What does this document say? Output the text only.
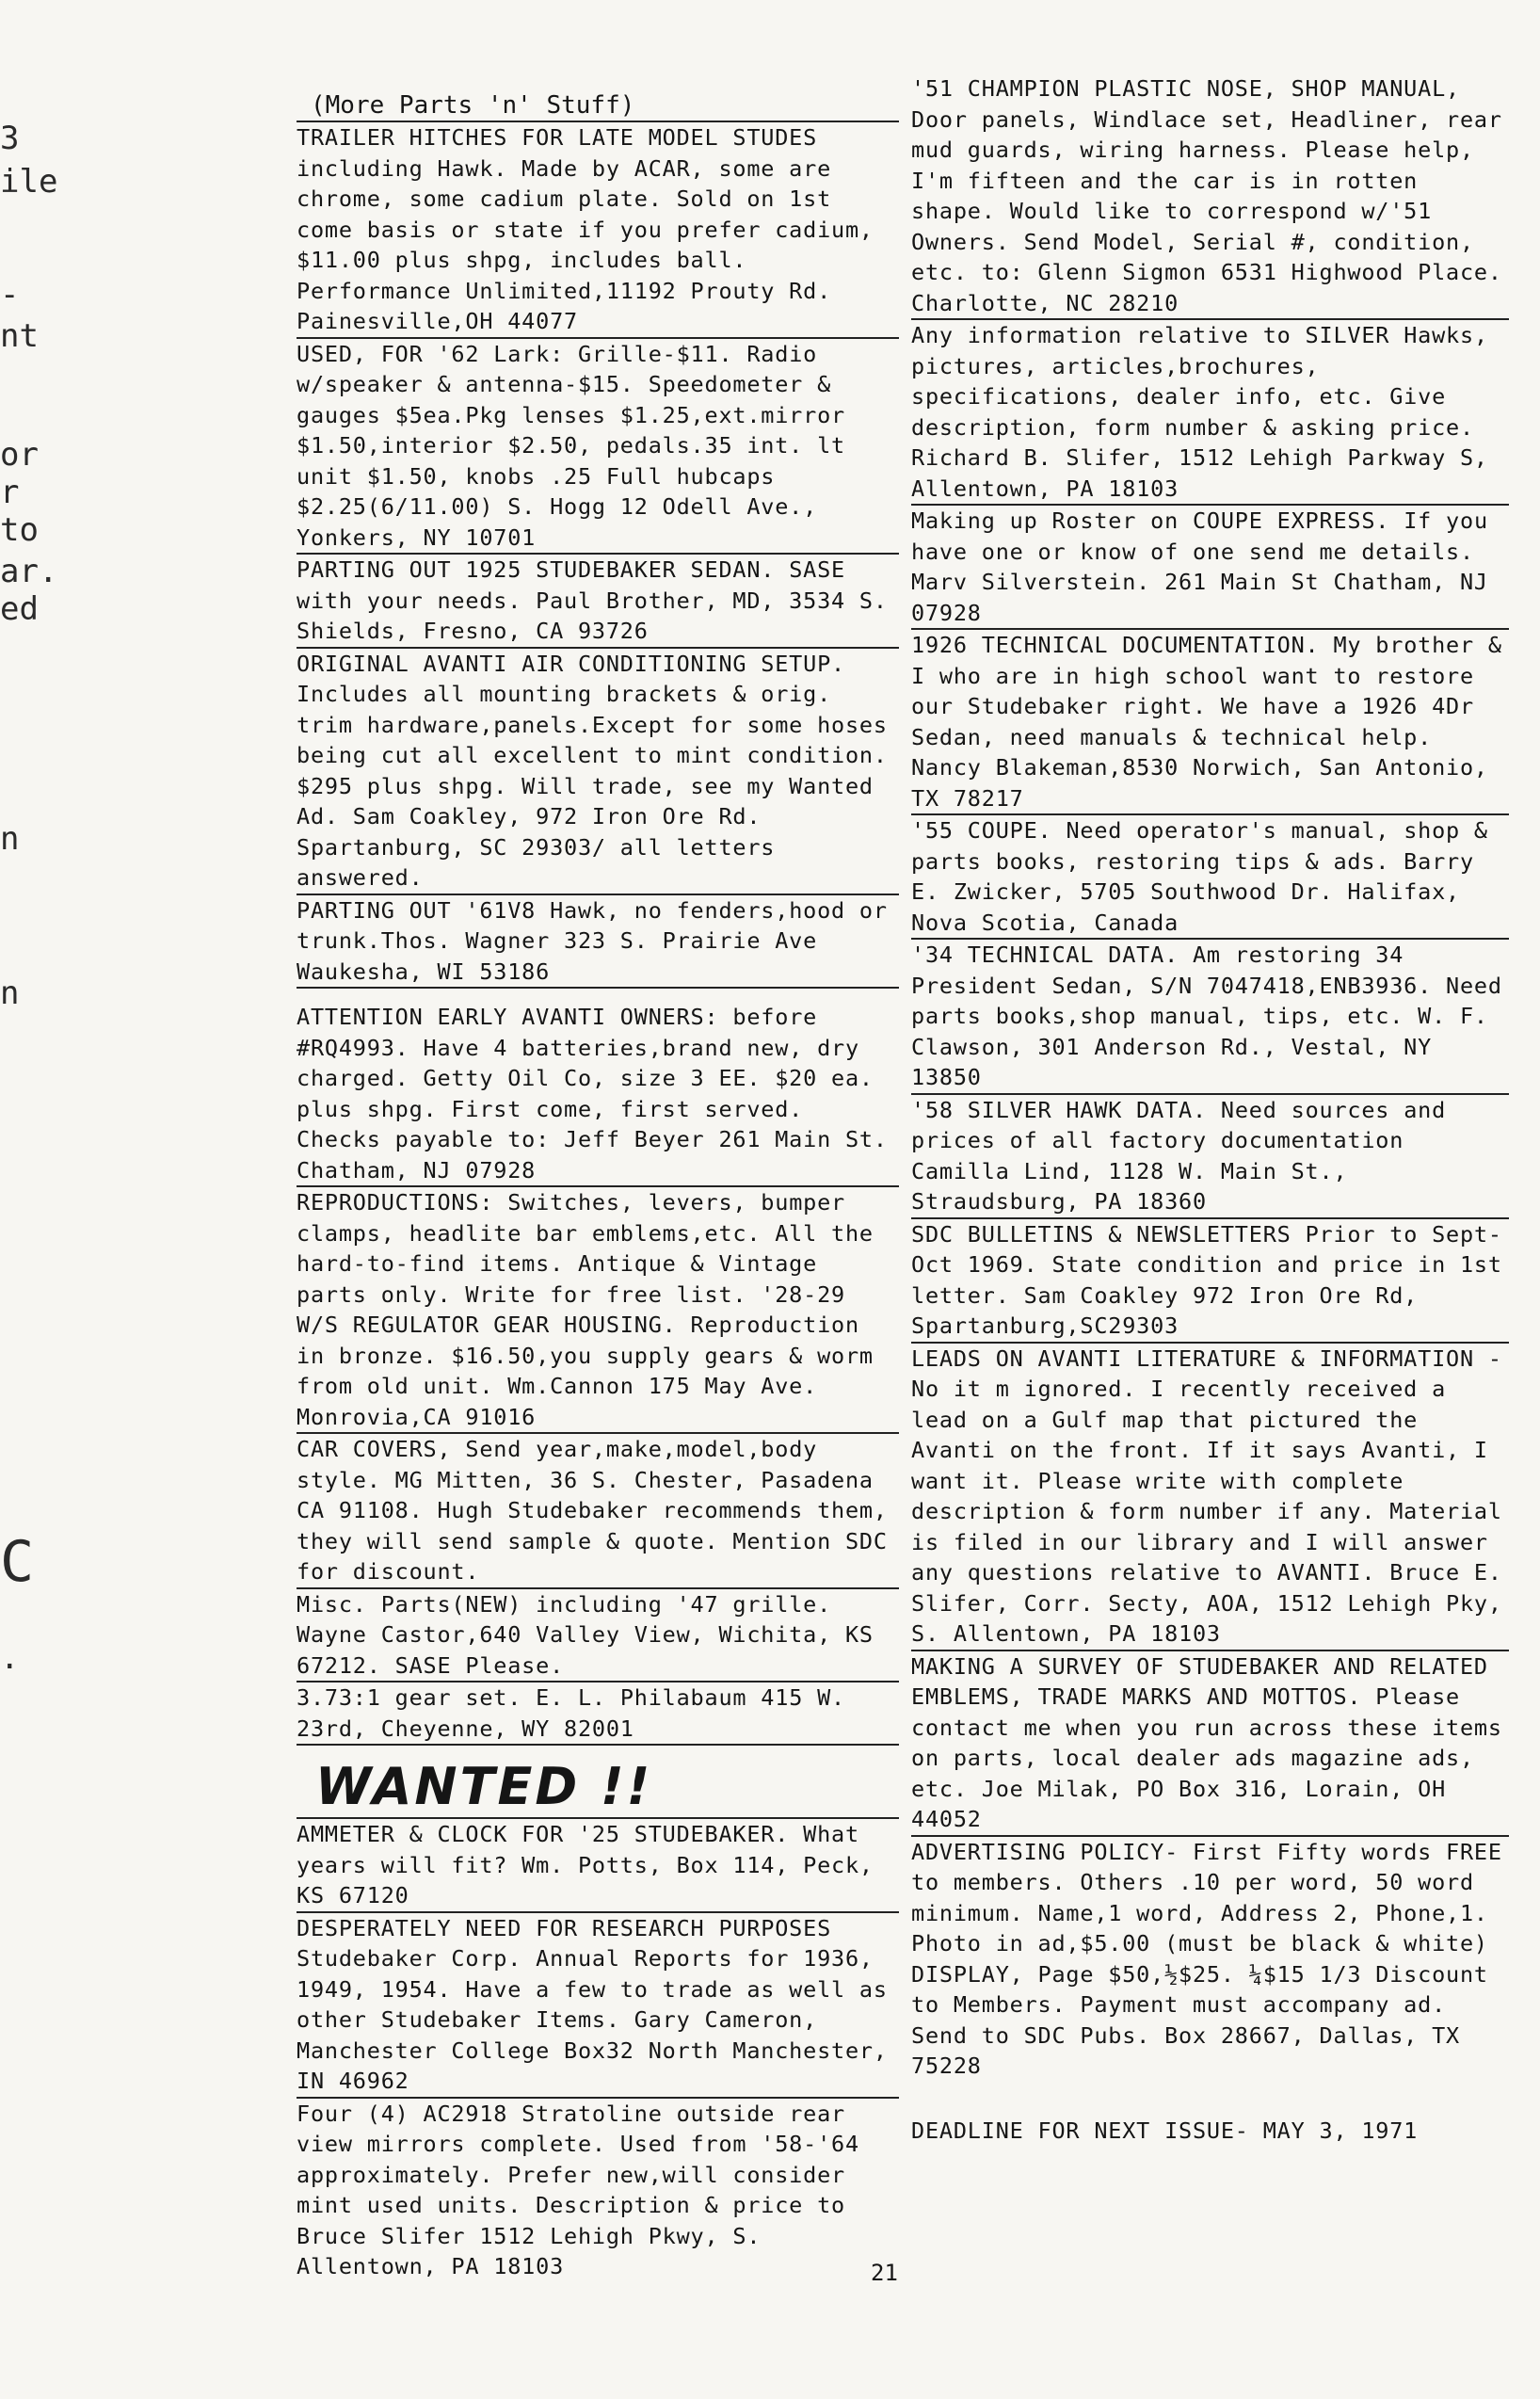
3
ile
-
nt
or
r
to
ar.
ed
n
n
C
.
(More Parts 'n' Stuff)
TRAILER HITCHES FOR LATE MODEL STUDES including Hawk. Made by ACAR, some are chrome, some cadium plate. Sold on 1st come basis or state if you prefer cadium, $11.00 plus shpg, includes ball. Performance Unlimited,11192 Prouty Rd. Painesville,OH 44077
USED, FOR '62 Lark: Grille-$11. Radio w/speaker & antenna-$15. Speedometer & gauges $5ea.Pkg lenses $1.25,ext.mirror $1.50,interior $2.50, pedals.35 int. lt unit $1.50, knobs .25 Full hubcaps $2.25(6/11.00) S. Hogg 12 Odell Ave., Yonkers, NY 10701
PARTING OUT 1925 STUDEBAKER SEDAN. SASE with your needs. Paul Brother, MD, 3534 S. Shields, Fresno, CA 93726
ORIGINAL AVANTI AIR CONDITIONING SETUP. Includes all mounting brackets & orig. trim hardware,panels.Except for some hoses being cut all excellent to mint condition. $295 plus shpg. Will trade, see my Wanted Ad. Sam Coakley, 972 Iron Ore Rd. Spartanburg, SC 29303/ all letters answered.
PARTING OUT '61V8 Hawk, no fenders,hood or trunk.Thos. Wagner 323 S. Prairie Ave Waukesha, WI 53186
ATTENTION EARLY AVANTI OWNERS: before #RQ4993. Have 4 batteries,brand new, dry charged. Getty Oil Co, size 3 EE. $20 ea. plus shpg. First come, first served. Checks payable to: Jeff Beyer 261 Main St. Chatham, NJ 07928
REPRODUCTIONS: Switches, levers, bumper clamps, headlite bar emblems,etc. All the hard-to-find items. Antique & Vintage parts only. Write for free list. '28-29 W/S REGULATOR GEAR HOUSING. Reproduction in bronze. $16.50,you supply gears & worm from old unit. Wm.Cannon 175 May Ave. Monrovia,CA 91016
CAR COVERS, Send year,make,model,body style. MG Mitten, 36 S. Chester, Pasadena CA 91108. Hugh Studebaker recommends them, they will send sample & quote. Mention SDC for discount.
Misc. Parts(NEW) including '47 grille. Wayne Castor,640 Valley View, Wichita, KS 67212. SASE Please.
3.73:1 gear set. E. L. Philabaum 415 W. 23rd, Cheyenne, WY 82001
WANTED !!
AMMETER & CLOCK FOR '25 STUDEBAKER. What years will fit? Wm. Potts, Box 114, Peck, KS 67120
DESPERATELY NEED FOR RESEARCH PURPOSES Studebaker Corp. Annual Reports for 1936, 1949, 1954. Have a few to trade as well as other Studebaker Items. Gary Cameron, Manchester College Box32 North Manchester, IN 46962
Four (4) AC2918 Stratoline outside rear view mirrors complete. Used from '58-'64 approximately. Prefer new,will consider mint used units. Description & price to Bruce Slifer 1512 Lehigh Pkwy, S. Allentown, PA 18103
'51 CHAMPION PLASTIC NOSE, SHOP MANUAL, Door panels, Windlace set, Headliner, rear mud guards, wiring harness. Please help, I'm fifteen and the car is in rotten shape. Would like to correspond w/'51 Owners. Send Model, Serial #, condition, etc. to: Glenn Sigmon 6531 Highwood Place. Charlotte, NC 28210
Any information relative to SILVER Hawks, pictures, articles,brochures, specifications, dealer info, etc. Give description, form number & asking price. Richard B. Slifer, 1512 Lehigh Parkway S, Allentown, PA 18103
Making up Roster on COUPE EXPRESS. If you have one or know of one send me details. Marv Silverstein. 261 Main St Chatham, NJ 07928
1926 TECHNICAL DOCUMENTATION. My brother & I who are in high school want to restore our Studebaker right. We have a 1926 4Dr Sedan, need manuals & technical help. Nancy Blakeman,8530 Norwich, San Antonio, TX 78217
'55 COUPE. Need operator's manual, shop & parts books, restoring tips & ads. Barry E. Zwicker, 5705 Southwood Dr. Halifax, Nova Scotia, Canada
'34 TECHNICAL DATA. Am restoring 34 President Sedan, S/N 7047418,ENB3936. Need parts books,shop manual, tips, etc. W. F. Clawson, 301 Anderson Rd., Vestal, NY 13850
'58 SILVER HAWK DATA. Need sources and prices of all factory documentation Camilla Lind, 1128 W. Main St., Straudsburg, PA 18360
SDC BULLETINS & NEWSLETTERS Prior to Sept-Oct 1969. State condition and price in 1st letter. Sam Coakley 972 Iron Ore Rd, Spartanburg,SC29303
LEADS ON AVANTI LITERATURE & INFORMATION - No it m ignored. I recently received a lead on a Gulf map that pictured the Avanti on the front. If it says Avanti, I want it. Please write with complete description & form number if any. Material is filed in our library and I will answer any questions relative to AVANTI. Bruce E. Slifer, Corr. Secty, AOA, 1512 Lehigh Pky, S. Allentown, PA 18103
MAKING A SURVEY OF STUDEBAKER AND RELATED EMBLEMS, TRADE MARKS AND MOTTOS. Please contact me when you run across these items on parts, local dealer ads magazine ads, etc. Joe Milak, PO Box 316, Lorain, OH 44052
ADVERTISING POLICY- First Fifty words FREE to members. Others .10 per word, 50 word minimum. Name,1 word, Address 2, Phone,1. Photo in ad,$5.00 (must be black & white) DISPLAY, Page $50,½$25. ¼$15 1/3 Discount to Members. Payment must accompany ad. Send to SDC Pubs. Box 28667, Dallas, TX 75228
DEADLINE FOR NEXT ISSUE- MAY 3, 1971
21
